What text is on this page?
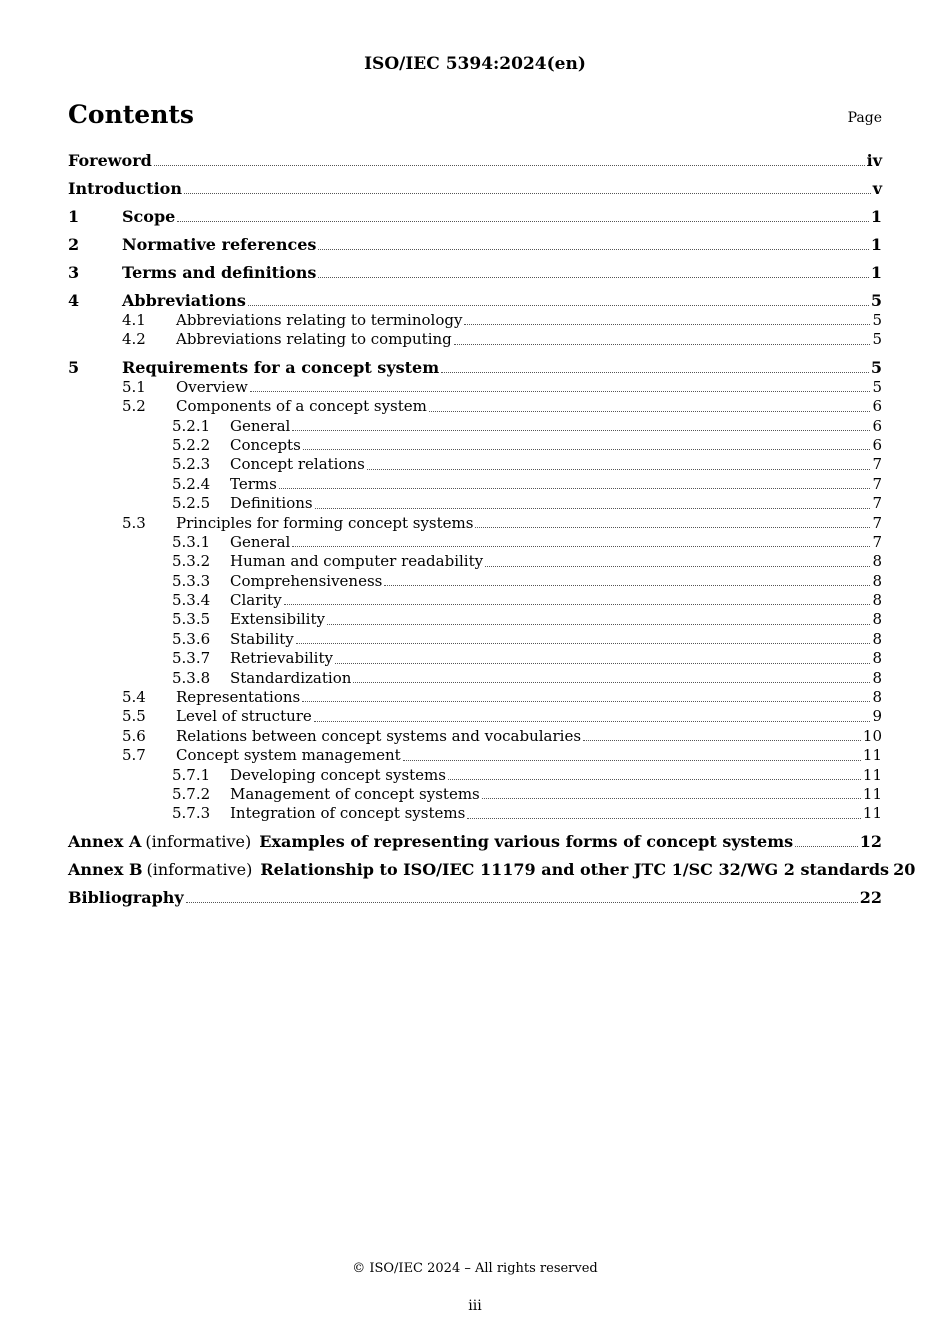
ISO/IEC 5394:2024(en)
Contents	Page
Foreword	iv
Introduction	v
1	Scope	1
2	Normative references	1
3	Terms and definitions	1
4	Abbreviations	5
4.1	Abbreviations relating to terminology	5
4.2	Abbreviations relating to computing	5
5	Requirements for a concept system	5
5.1	Overview	5
5.2	Components of a concept system	6
5.2.1	General	6
5.2.2	Concepts	6
5.2.3	Concept relations	7
5.2.4	Terms	7
5.2.5	Definitions	7
5.3	Principles for forming concept systems	7
5.3.1	General	7
5.3.2	Human and computer readability	8
5.3.3	Comprehensiveness	8
5.3.4	Clarity	8
5.3.5	Extensibility	8
5.3.6	Stability	8
5.3.7	Retrievability	8
5.3.8	Standardization	8
5.4	Representations	8
5.5	Level of structure	9
5.6	Relations between concept systems and vocabularies	10
5.7	Concept system management	11
5.7.1	Developing concept systems	11
5.7.2	Management of concept systems	11
5.7.3	Integration of concept systems	11
Annex A (informative) Examples of representing various forms of concept systems	12
Annex B (informative) Relationship to ISO/IEC 11179 and other JTC 1/SC 32/WG 2 standards 20
Bibliography	22
© ISO/IEC 2024 – All rights reserved
iii
